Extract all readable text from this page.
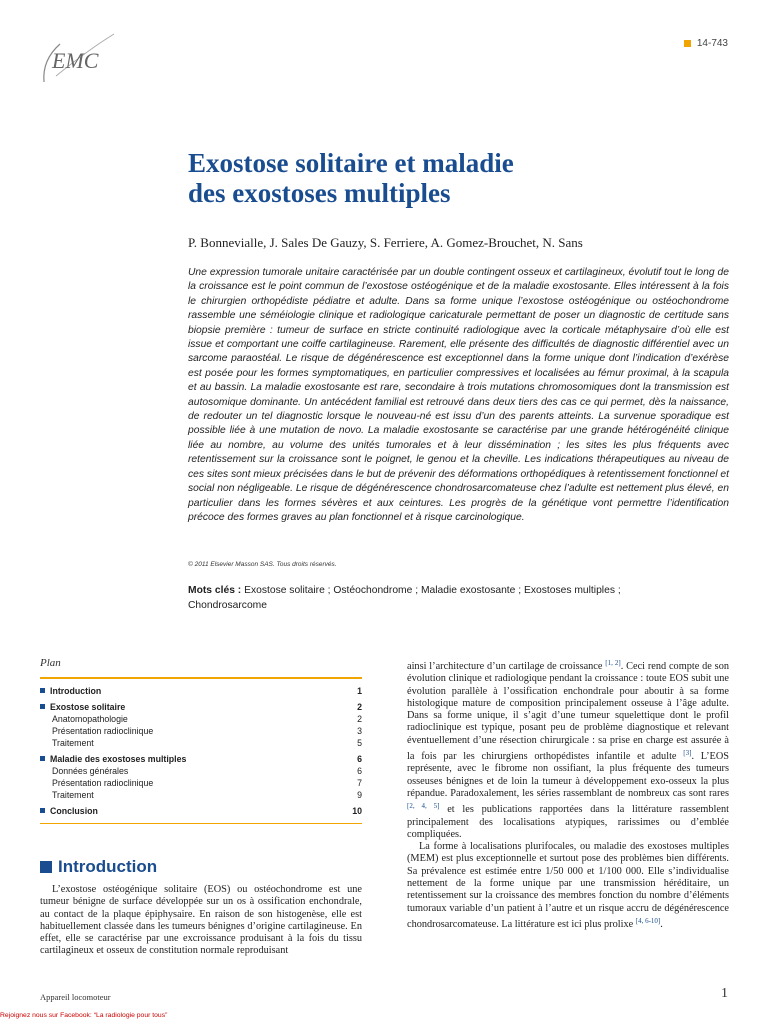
EMC
14-743
Exostose solitaire et maladie
des exostoses multiples
P. Bonnevialle, J. Sales De Gauzy, S. Ferriere, A. Gomez-Brouchet, N. Sans
Une expression tumorale unitaire caractérisée par un double contingent osseux et cartilagineux, évolutif tout le long de la croissance est le point commun de l’exostose ostéogénique et de la maladie exostosante. Elles intéressent à la fois le chirurgien orthopédiste pédiatre et adulte. Dans sa forme unique l’exostose ostéogénique ou ostéochondrome rassemble une séméiologie clinique et radiologique caricaturale permettant de poser un diagnostic de certitude sans biopsie première : tumeur de surface en stricte continuité radiologique avec la corticale métaphysaire d’où elle est issue et comportant une coiffe cartilagineuse. Rarement, elle présente des difficultés de diagnostic différentiel avec un sarcome paraostéal. Le risque de dégénérescence est exceptionnel dans la forme unique dont l’indication d’exérèse est posée pour les formes symptomatiques, en particulier compressives et localisées au fémur proximal, à la scapula et au bassin. La maladie exostosante est rare, secondaire à trois mutations chromosomiques dont la transmission est autosomique dominante. Un antécédent familial est retrouvé dans deux tiers des cas ce qui permet, dès la naissance, de redouter un tel diagnostic lorsque le nouveau-né est issu d’un des parents atteints. La survenue sporadique est possible liée à une mutation de novo. La maladie exostosante se caractérise par une grande hétérogénéité clinique liée au nombre, au volume des unités tumorales et à leur dissémination ; les sites les plus fréquents avec retentissement sur la croissance sont le poignet, le genou et la cheville. Les indications thérapeutiques au niveau de ces sites sont mieux précisées dans le but de prévenir des déformations orthopédiques à retentissement fonctionnel et social non négligeable. Le risque de dégénérescence chondrosarcomateuse chez l’adulte est nettement plus élevé, en particulier dans les formes sévères et aux ceintures. Les progrès de la génétique vont permettre l’identification précoce des formes graves au plan fonctionnel et à risque carcinologique.
© 2011 Elsevier Masson SAS. Tous droits réservés.
Mots clés : Exostose solitaire ; Ostéochondrome ; Maladie exostosante ; Exostoses multiples ; Chondrosarcome
Plan
Introduction	1
Exostose solitaire	2
Anatomopathologie	2
Présentation radioclinique	3
Traitement	5
Maladie des exostoses multiples	6
Données générales	6
Présentation radioclinique	7
Traitement	9
Conclusion	10
Introduction
L’exostose ostéogénique solitaire (EOS) ou ostéochondrome est une tumeur bénigne de surface développée sur un os à ossification enchondrale, au contact de la plaque épiphysaire. En raison de son histogenèse, elle est habituellement classée dans les tumeurs bénignes d’origine cartilagineuse. En effet, elle se caractérise par une excroissance produisant à la fois du tissu cartilagineux et osseux de constitution normale reproduisant

ainsi l’architecture d’un cartilage de croissance [1, 2]. Ceci rend compte de son évolution clinique et radiologique pendant la croissance : toute EOS subit une évolution parallèle à l’ossification enchondrale pour aboutir à sa forme histologique mature de composition principalement osseuse à l’âge adulte. Dans sa forme unique, il s’agit d’une tumeur squelettique dont le profil radioclinique est typique, posant peu de problème diagnostique et relevant éventuellement d’une résection chirurgicale : sa prise en charge est assurée à la fois par les chirurgiens orthopédistes infantile et adulte [3]. L’EOS représente, avec le fibrome non ossifiant, la plus fréquente des tumeurs osseuses bénignes et de loin la tumeur à développement exo-osseux la plus répandue. Paradoxalement, les séries rassemblant de nombreux cas sont rares [2, 4, 5] et les publications rapportées dans la littérature rassemblent principalement des localisations atypiques, rarissimes ou d’emblée compliquées.

La forme à localisations plurifocales, ou maladie des exostoses multiples (MEM) est plus exceptionnelle et surtout pose des problèmes bien différents. Sa prévalence est estimée entre 1/50 000 et 1/100 000. Elle s’individualise nettement de la forme unique par une transmission héréditaire, un retentissement sur la croissance des membres fonction du nombre d’éléments tumoraux variable d’un patient à l’autre et un risque accru de dégénérescence chondrosarcomateuse. La littérature est ici plus prolixe [4, 6-10].

Appareil locomoteur	1
Rejoignez nous sur Facebook: “La radiologie pour tous”
